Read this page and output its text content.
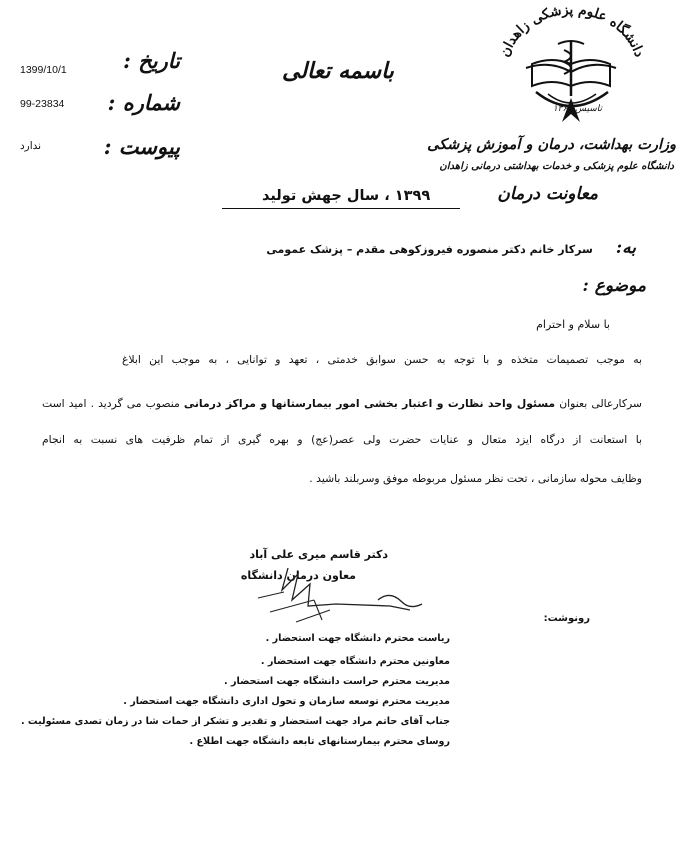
دانشگاه علوم پزشکی زاهدان
تاسیس ۱۳۶۵
وزارت بهداشت، درمان و آموزش پزشکی
دانشگاه علوم پزشکی و خدمات بهداشتی درمانی زاهدان
معاونت درمان
باسمه تعالی
تاریخ :
شماره :
پیوست :
1399/10/1
99-23834
ندارد
۱۳۹۹ ، سال جهش تولید
به: سرکار خانم دکتر منصوره فیروزکوهی مقدم – پزشک عمومی
موضوع :
با سلام و احترام
به موجب تصمیمات متخذه و با توجه به حسن سوابق خدمتی ، تعهد و توانایی ، به موجب این ابلاغ
سرکارعالی بعنوان مسئول واحد نظارت و اعتبار بخشی امور بیمارستانها و مراکز درمانی منصوب می گردید . امید است
با استعانت از درگاه ایزد متعال و عنایات حضرت ولی عصر(عج) و بهره گیری از تمام ظرفیت های نسبت به انجام
وظایف محوله سازمانی ، تحت نظر مسئول مربوطه موفق وسربلند باشید .
دکتر قاسم میری علی آباد
معاون درمان دانشگاه
رونوشت:
ریاست محترم دانشگاه جهت استحضار .
معاونین محترم دانشگاه جهت استحضار .
مدیریت محترم حراست دانشگاه جهت استحضار .
مدیریت محترم توسعه سازمان و تحول اداری دانشگاه جهت استحضار .
جناب آقای حاتم مراد جهت استحضار و تقدیر و تشکر از حمات شا در زمان تصدی مسئولیت .
روسای محترم بیمارستانهای تابعه دانشگاه جهت اطلاع .
